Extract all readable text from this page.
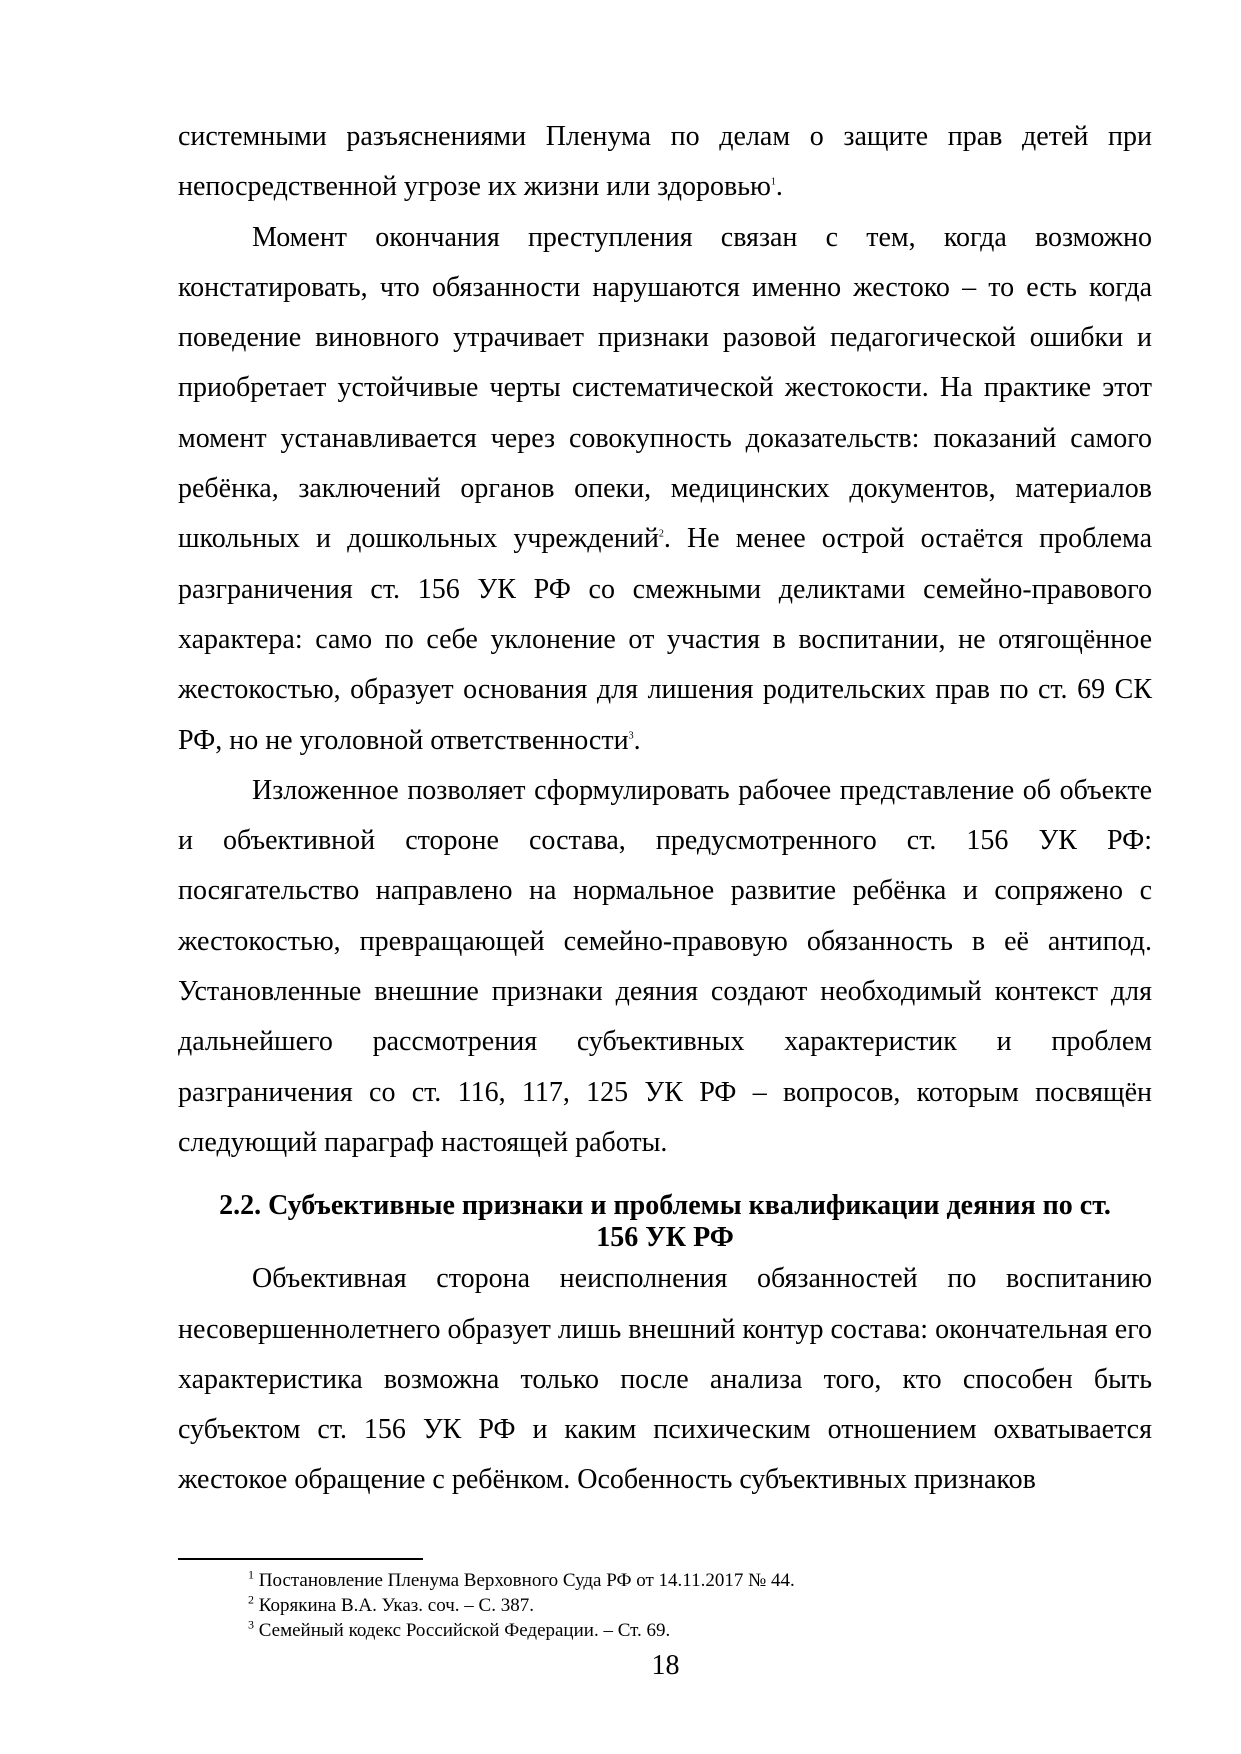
системными разъяснениями Пленума по делам о защите прав детей при непосредственной угрозе их жизни или здоровью$^1$.

Момент окончания преступления связан с тем, когда возможно констатировать, что обязанности нарушаются именно жестоко – то есть когда поведение виновного утрачивает признаки разовой педагогической ошибки и приобретает устойчивые черты систематической жестокости. На практике этот момент устанавливается через совокупность доказательств: показаний самого ребёнка, заключений органов опеки, медицинских документов, материалов школьных и дошкольных учреждений$^2$. Не менее острой остаётся проблема разграничения ст. 156 УК РФ со смежными деликтами семейно-правового характера: само по себе уклонение от участия в воспитании, не отягощённое жестокостью, образует основания для лишения родительских прав по ст. 69 СК РФ, но не уголовной ответственности$^3$.

Изложенное позволяет сформулировать рабочее представление об объекте и объективной стороне состава, предусмотренного ст. 156 УК РФ: посягательство направлено на нормальное развитие ребёнка и сопряжено с жестокостью, превращающей семейно-правовую обязанность в её антипод. Установленные внешние признаки деяния создают необходимый контекст для дальнейшего рассмотрения субъективных характеристик и проблем разграничения со ст. 116, 117, 125 УК РФ – вопросов, которым посвящён следующий параграф настоящей работы.

2.2. Субъективные признаки и проблемы квалификации деяния по ст.
156 УК РФ

Объективная сторона неисполнения обязанностей по воспитанию несовершеннолетнего образует лишь внешний контур состава: окончательная его характеристика возможна только после анализа того, кто способен быть субъектом ст. 156 УК РФ и каким психическим отношением охватывается жестокое обращение с ребёнком. Особенность субъективных признаков

$^1$ Постановление Пленума Верховного Суда РФ от 14.11.2017 № 44.

$^2$ Корякина В.А. Указ. соч. – С. 387.

$^3$ Семейный кодекс Российской Федерации. – Ст. 69.

18
